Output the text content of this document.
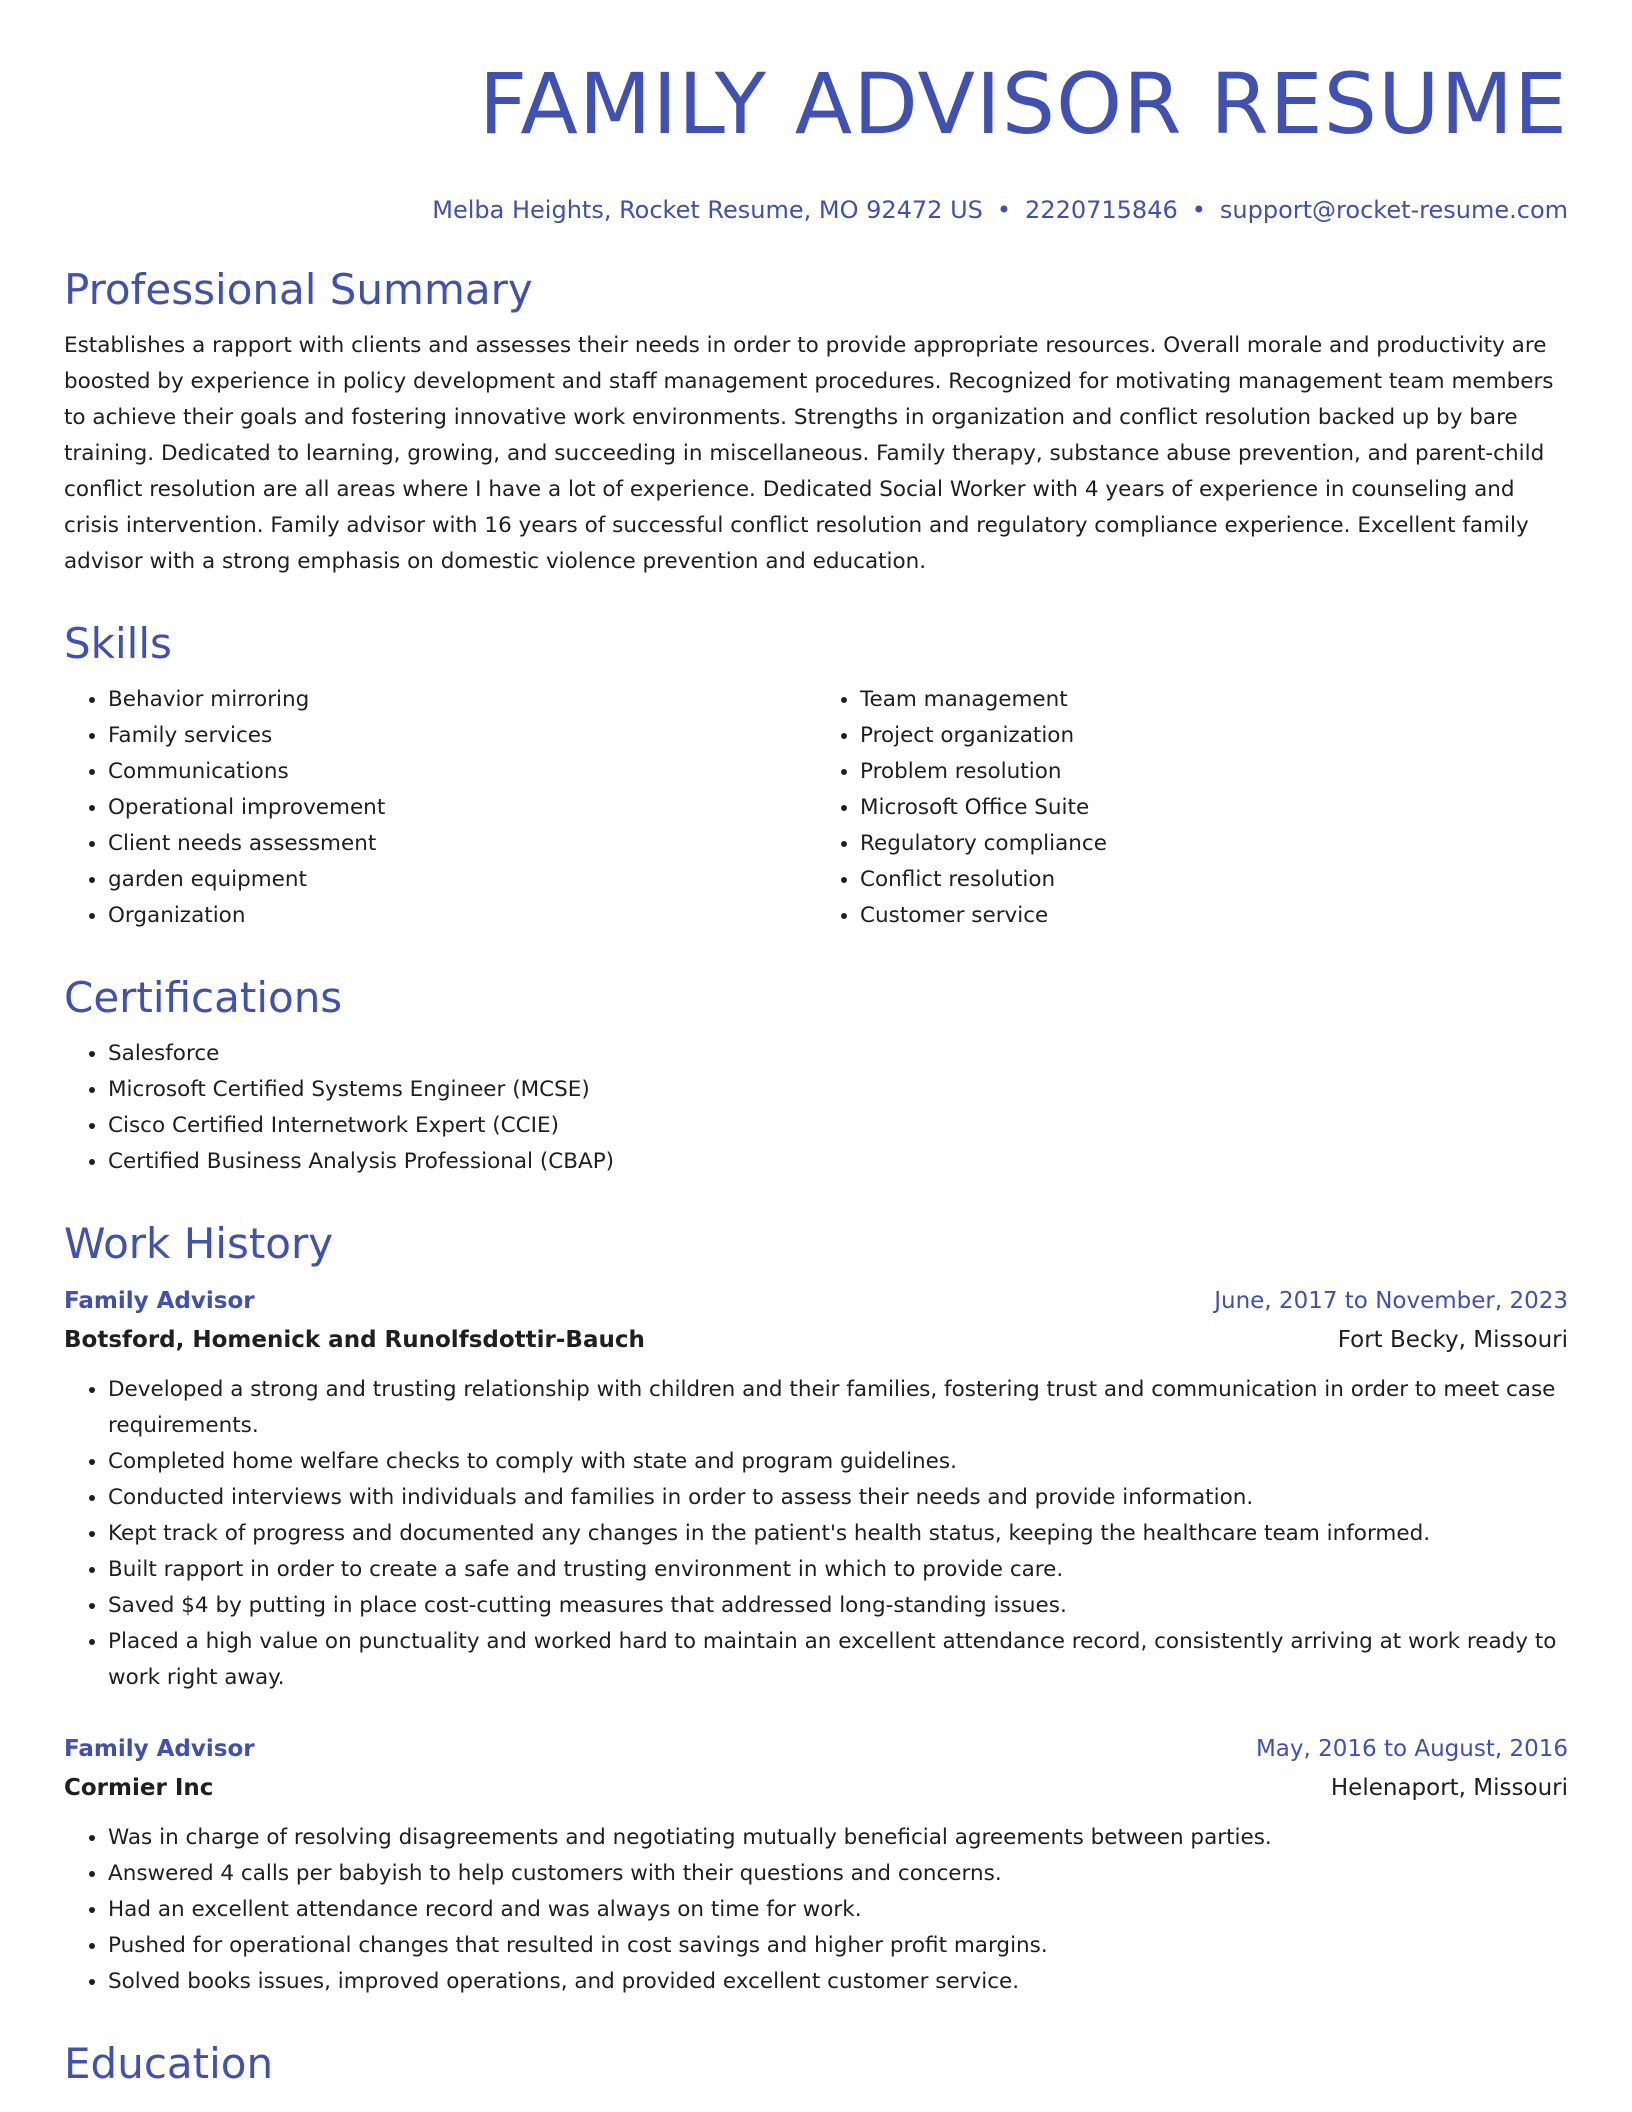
FAMILY ADVISOR RESUME
Melba Heights, Rocket Resume, MO 92472 US • 2220715846 • support@rocket-resume.com
Professional Summary

Establishes a rapport with clients and assesses their needs in order to provide appropriate resources. Overall morale and productivity are boosted by experience in policy development and staff management procedures. Recognized for motivating management team members to achieve their goals and fostering innovative work environments. Strengths in organization and conflict resolution backed up by bare training. Dedicated to learning, growing, and succeeding in miscellaneous. Family therapy, substance abuse prevention, and parent-child conflict resolution are all areas where I have a lot of experience. Dedicated Social Worker with 4 years of experience in counseling and crisis intervention. Family advisor with 16 years of successful conflict resolution and regulatory compliance experience. Excellent family advisor with a strong emphasis on domestic violence prevention and education.

Skills
• Behavior mirroring
• Family services
• Communications
• Operational improvement
• Client needs assessment
• garden equipment
• Organization
• Team management
• Project organization
• Problem resolution
• Microsoft Office Suite
• Regulatory compliance
• Conflict resolution
• Customer service
Certifications
• Salesforce
• Microsoft Certified Systems Engineer (MCSE)
• Cisco Certified Internetwork Expert (CCIE)
• Certified Business Analysis Professional (CBAP)
Work History
Family Advisor	June, 2017 to November, 2023
Botsford, Homenick and Runolfsdottir-Bauch	Fort Becky, Missouri
• Developed a strong and trusting relationship with children and their families, fostering trust and communication in order to meet case requirements.
• Completed home welfare checks to comply with state and program guidelines.
• Conducted interviews with individuals and families in order to assess their needs and provide information.
• Kept track of progress and documented any changes in the patient's health status, keeping the healthcare team informed.
• Built rapport in order to create a safe and trusting environment in which to provide care.
• Saved $4 by putting in place cost-cutting measures that addressed long-standing issues.
• Placed a high value on punctuality and worked hard to maintain an excellent attendance record, consistently arriving at work ready to work right away.
Family Advisor	May, 2016 to August, 2016
Cormier Inc	Helenaport, Missouri
• Was in charge of resolving disagreements and negotiating mutually beneficial agreements between parties.
• Answered 4 calls per babyish to help customers with their questions and concerns.
• Had an excellent attendance record and was always on time for work.
• Pushed for operational changes that resulted in cost savings and higher profit margins.
• Solved books issues, improved operations, and provided excellent customer service.
Education
